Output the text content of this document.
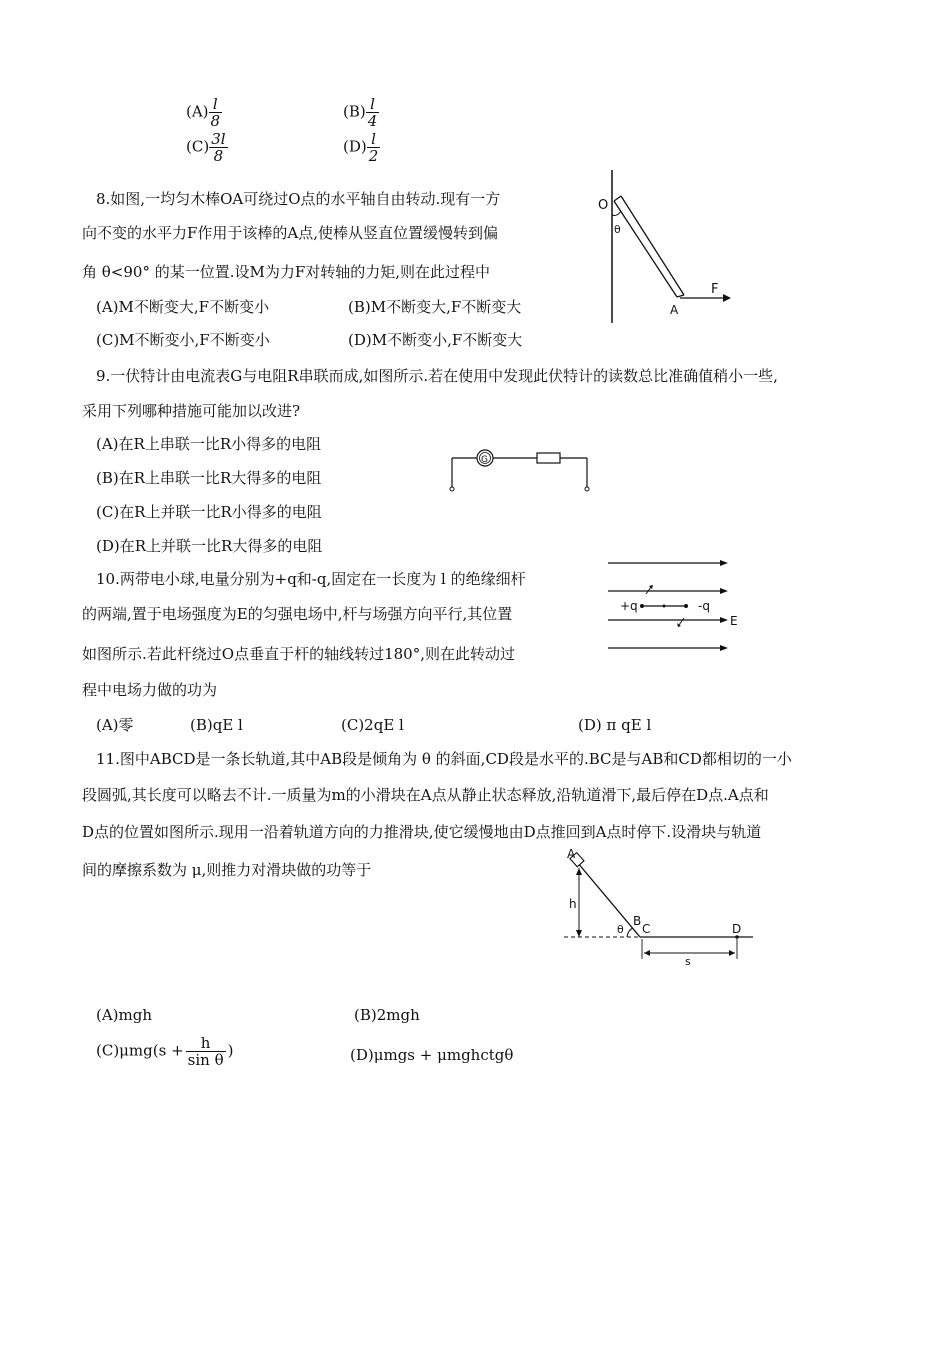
$(A) \frac{l}{8}$	$(B) \frac{l}{4}$
$(C) \frac{3l}{8}$	$(D) \frac{l}{2}$
8.如图,一均匀木棒OA可绕过O点的水平轴自由转动.现有一方
向不变的水平力F作用于该棒的A点,使棒从竖直位置缓慢转到偏
角 θ<90° 的某一位置.设M为力F对转轴的力矩,则在此过程中
(A)M不断变大,F不断变小	(B)M不断变大,F不断变大
(C)M不断变小,F不断变小	(D)M不断变小,F不断变大
O
θ
A
F
9.一伏特计由电流表G与电阻R串联而成,如图所示.若在使用中发现此伏特计的读数总比准确值稍小一些,
采用下列哪种措施可能加以改进?
(A)在R上串联一比R小得多的电阻
(B)在R上串联一比R大得多的电阻
(C)在R上并联一比R小得多的电阻
(D)在R上并联一比R大得多的电阻
G
10.两带电小球,电量分别为+q和-q,固定在一长度为 l 的绝缘细杆
的两端,置于电场强度为E的匀强电场中,杆与场强方向平行,其位置
如图所示.若此杆绕过O点垂直于杆的轴线转过180°,则在此转动过
程中电场力做的功为
(A)零	(B)qE l	(C)2qE l	(D) π qE l
+q	-q
E
11.图中ABCD是一条长轨道,其中AB段是倾角为 θ 的斜面,CD段是水平的.BC是与AB和CD都相切的一小
段圆弧,其长度可以略去不计.一质量为m的小滑块在A点从静止状态释放,沿轨道滑下,最后停在D点.A点和
D点的位置如图所示.现用一沿着轨道方向的力推滑块,使它缓慢地由D点推回到A点时停下.设滑块与轨道
间的摩擦系数为 μ,则推力对滑块做的功等于
A
h
θ
B
C	D
s
(A)mgh	(B)2mgh
$(C)\mu mg(s + \frac{h}{\text{sin θ}}$ )	(D)μmgs + μmghctgθ
